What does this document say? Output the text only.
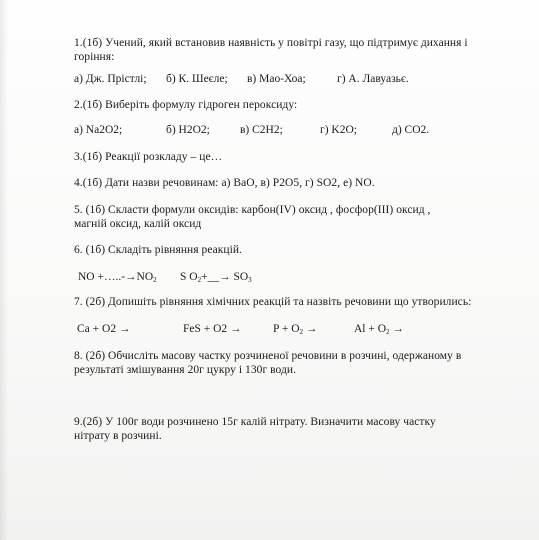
1.(1б) Учений, який встановив наявність у повітрі газу, що підтримує дихання і
горіння:
а) Дж. Прістлі; б) К. Шеєле; в) Мао-Хоа;	г) А. Лавуазьє.
2.(1б) Виберіть формулу гідроген пероксиду:
а) Na2O2;	б) H2O2;	в) C2H2;	г) K2O;	д) CO2.
3.(1б) Реакції розкладу – це…
4.(1б) Дати назви речовинам: а) BaO, в) P2O5, г) SO2, е) NO.
5. (1б) Скласти формули оксидів: карбон(IV) оксид , фосфор(ІІІ) оксид ,
магній оксид, калій оксид
6. (1б) Складіть рівняння реакцій.
NO $+\dots..-\to NO_2$ S $O_2+\_\_\to SO_3$
7. (2б) Допишіть рівняння хімічних реакцій та назвіть речовини що утворились:
Ca + O2 →	FeS + O2 →	$P + O_2$ →	$Al + O_2$ →
8. (2б) Обчисліть масову частку розчиненої речовини в розчині, одержаному в
результаті змішування 20г цукру і 130г води.
9.(2б) У 100г води розчинено 15г калій нітрату. Визначити масову частку
нітрату в розчині.
